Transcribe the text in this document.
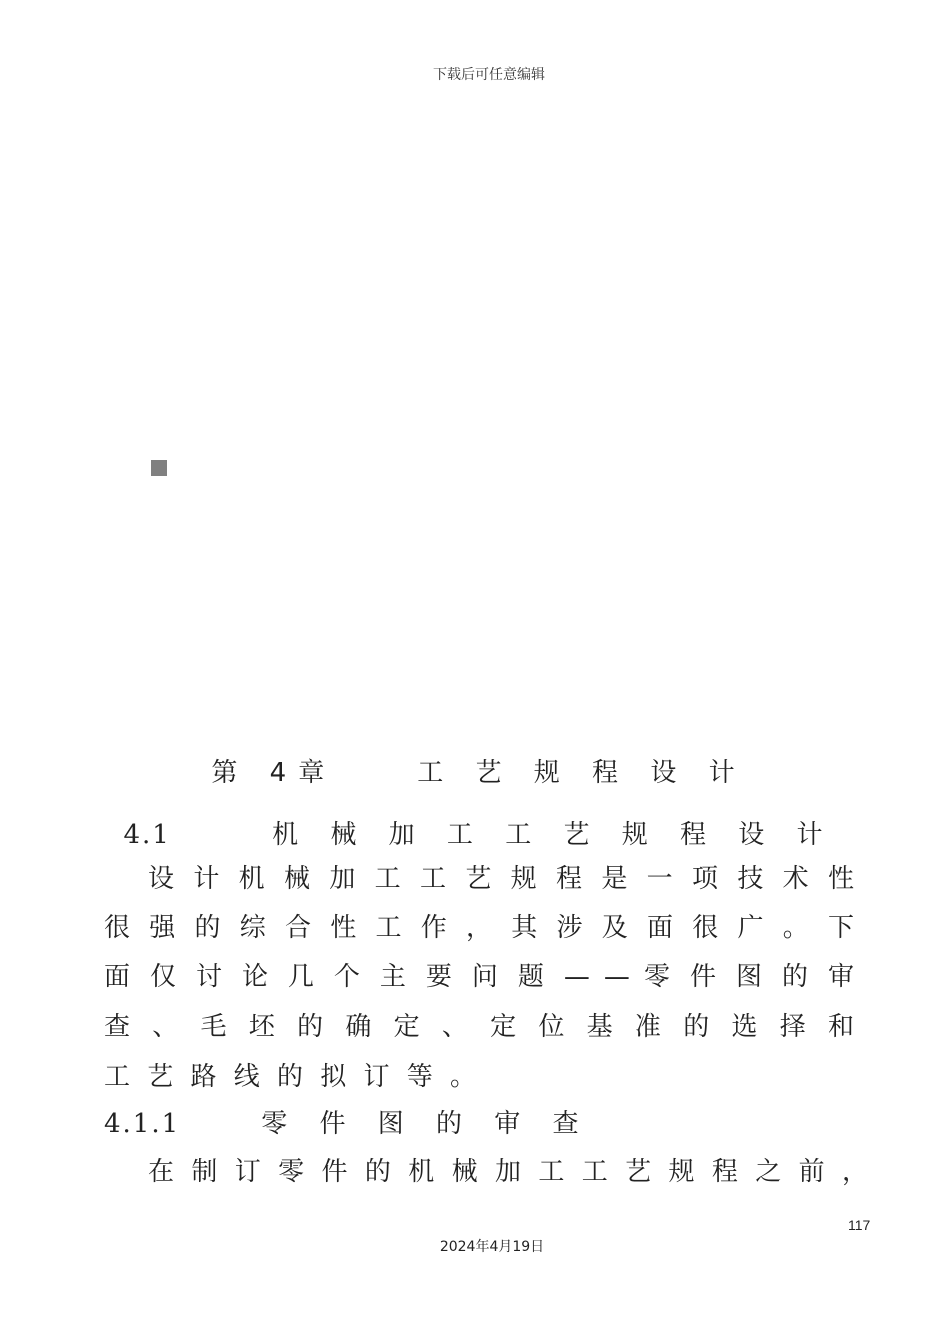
下载后可任意编辑
第 4章    工 艺 规 程 设 计
4.1	机 械 加 工 工 艺 规 程 设 计
设 计 机 械 加 工 工 艺 规 程 是 一 项 技 术 性
很 强 的 综 合 性 工 作 ， 其 涉 及 面 很 广 。 下
面 仅 讨 论 几 个 主 要 问 题 — — 零 件 图 的 审
查 、 毛 坯 的 确 定 、 定 位 基 准 的 选 择 和
工 艺 路 线 的 拟 订 等 。
4.1.1	零 件 图 的 审 查
在 制 订 零 件 的 机 械 加 工 工 艺 规 程 之 前 ，
117
2024年4月19日
